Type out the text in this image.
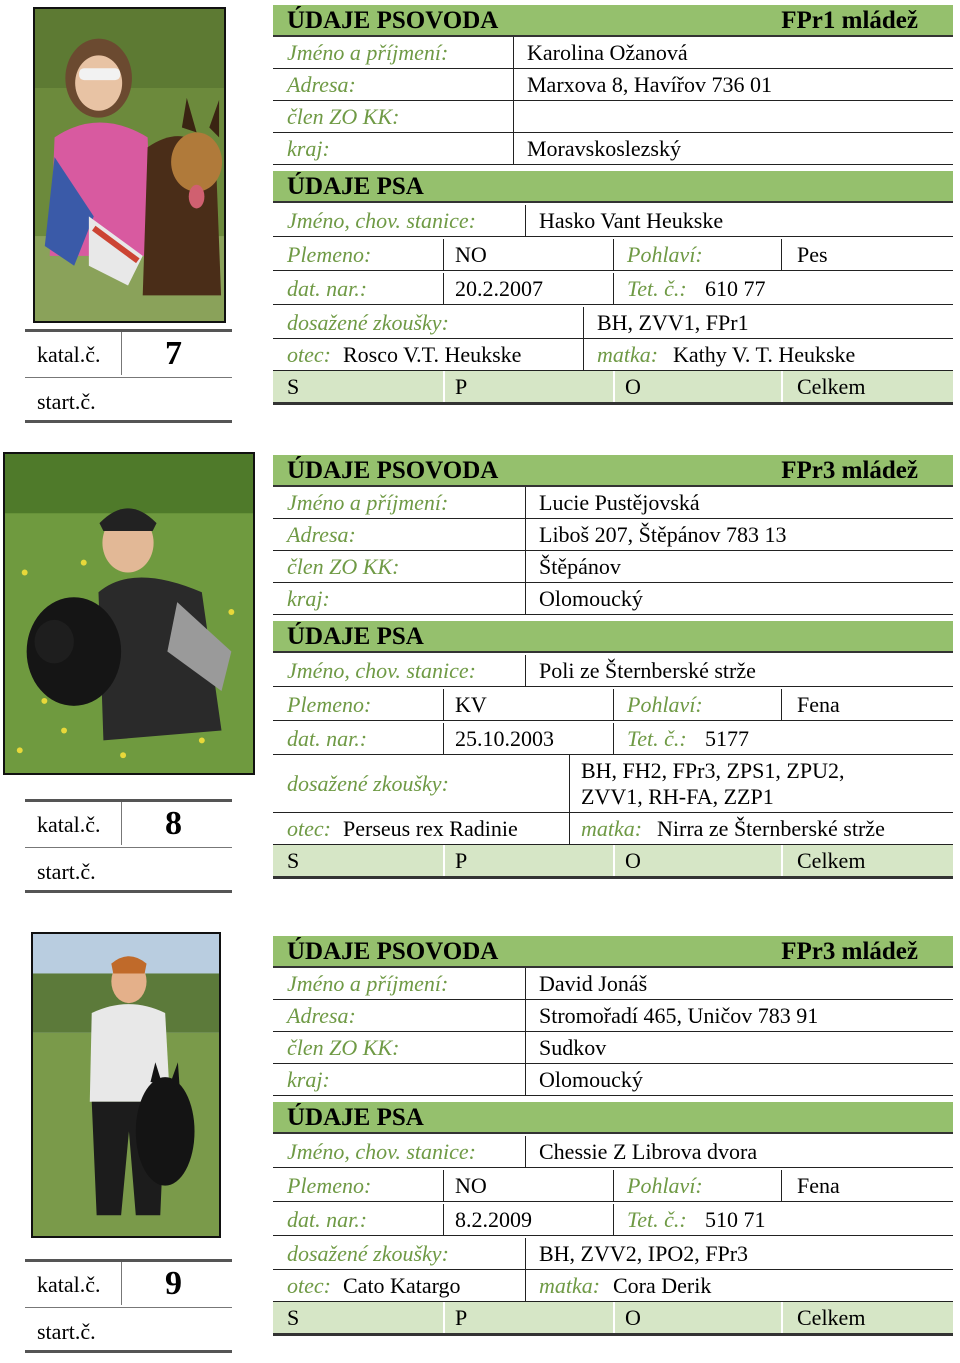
katal.č. 7
start.č.
ÚDAJE PSOVODA	FPr1 mládež
Jméno a příjmení:	Karolina Ožanová
Adresa:	Marxova 8, Havířov 736 01
člen ZO KK:
kraj:	Moravskoslezský
ÚDAJE PSA
Jméno, chov. stanice:	Hasko Vant Heukske
Plemeno:	NO	Pohlaví:	Pes
dat. nar.:	20.2.2007	Tet. č.: 610 77
dosažené zkoušky:	BH, ZVV1, FPr1
otec: Rosco V.T. Heukske	matka: Kathy V. T. Heukske
S	P	O	Celkem
katal.č. 8
start.č.
ÚDAJE PSOVODA	FPr3 mládež
Jméno a příjmení:	Lucie Pustějovská
Adresa:	Liboš 207, Štěpánov 783 13
člen ZO KK:	Štěpánov
kraj:	Olomoucký
ÚDAJE PSA
Jméno, chov. stanice:	Poli ze Šternberské strže
Plemeno:	KV	Pohlaví:	Fena
dat. nar.:	25.10.2003	Tet. č.: 5177
dosažené zkoušky:
BH, FH2, FPr3, ZPS1, ZPU2, ZVV1, RH-FA, ZZP1
otec: Perseus rex Radinie	matka: Nirra ze Šternberské strže
S	P	O	Celkem
katal.č. 9
start.č.
ÚDAJE PSOVODA	FPr3 mládež
Jméno a příjmení:	David Jonáš
Adresa:	Stromořadí 465, Uničov 783 91
člen ZO KK:	Sudkov
kraj:	Olomoucký
ÚDAJE PSA
Jméno, chov. stanice:	Chessie Z Librova dvora
Plemeno:	NO	Pohlaví:	Fena
dat. nar.:	8.2.2009	Tet. č.: 510 71
dosažené zkoušky:	BH, ZVV2, IPO2, FPr3
otec: Cato Katargo	matka: Cora Derik
S	P	O	Celkem
